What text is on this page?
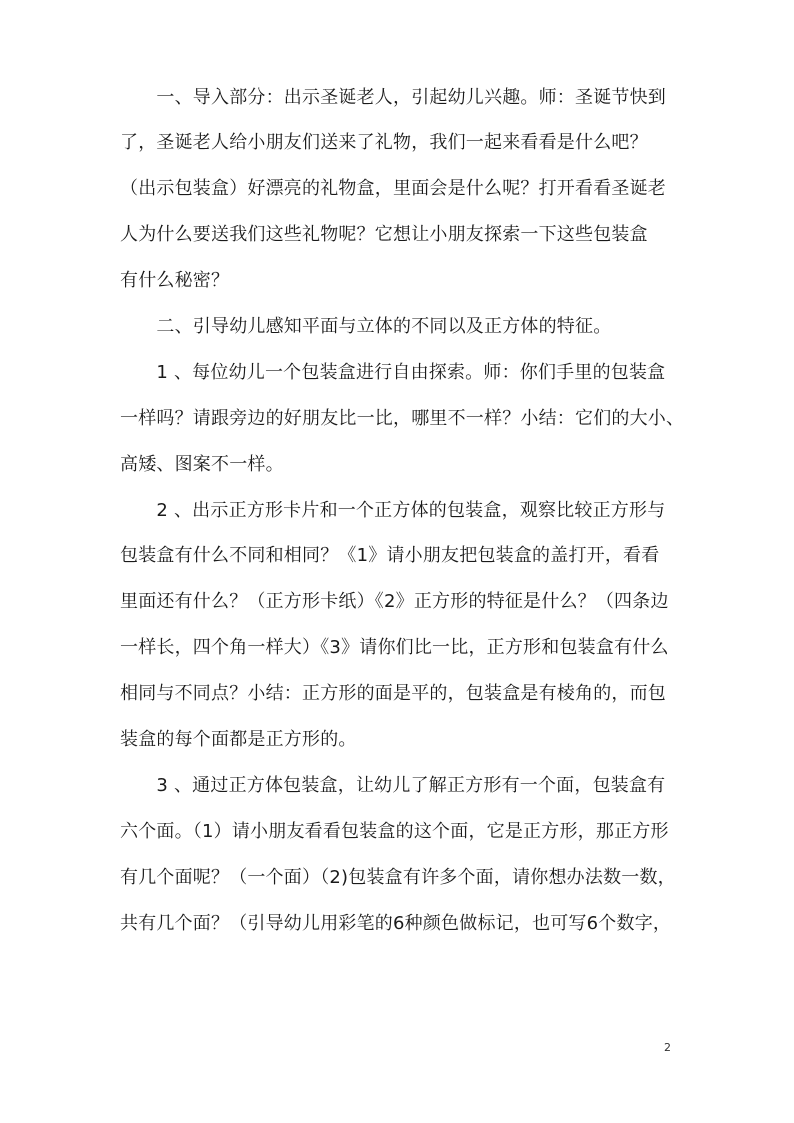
　　一、导入部分：出示圣诞老人，引起幼儿兴趣。师：圣诞节快到
了，圣诞老人给小朋友们送来了礼物，我们一起来看看是什么吧？
（出示包装盒）好漂亮的礼物盒，里面会是什么呢？打开看看圣诞老
人为什么要送我们这些礼物呢？它想让小朋友探索一下这些包装盒
有什么秘密？
　　二、引导幼儿感知平面与立体的不同以及正方体的特征。
　　1 、每位幼儿一个包装盒进行自由探索。师：你们手里的包装盒
一样吗？请跟旁边的好朋友比一比，哪里不一样？小结：它们的大小、
高矮、图案不一样。
　　2 、出示正方形卡片和一个正方体的包装盒，观察比较正方形与
包装盒有什么不同和相同？《1》请小朋友把包装盒的盖打开，看看
里面还有什么？（正方形卡纸）《2》正方形的特征是什么？（四条边
一样长，四个角一样大）《3》请你们比一比，正方形和包装盒有什么
相同与不同点？小结：正方形的面是平的，包装盒是有棱角的，而包
装盒的每个面都是正方形的。
　　3 、通过正方体包装盒，让幼儿了解正方形有一个面，包装盒有
六个面。（1）请小朋友看看包装盒的这个面，它是正方形，那正方形
有几个面呢？（一个面）（2)包装盒有许多个面，请你想办法数一数，
共有几个面？（引导幼儿用彩笔的6种颜色做标记，也可写6个数字，
2
